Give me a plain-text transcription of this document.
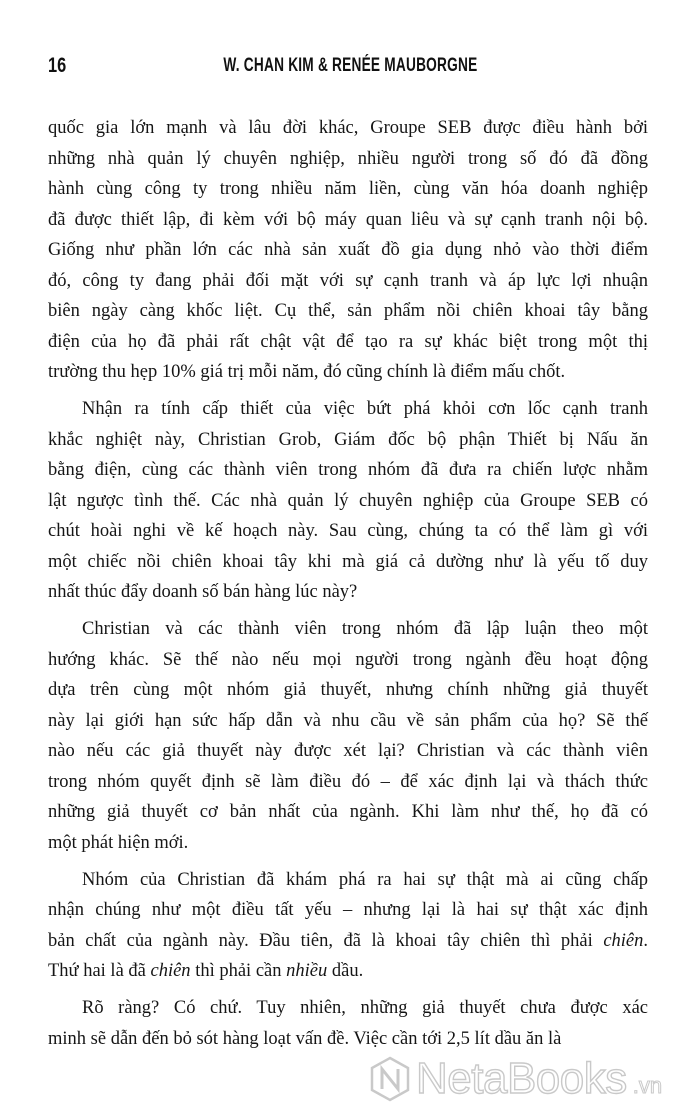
16	W. CHAN KIM & RENÉE MAUBORGNE
quốc gia lớn mạnh và lâu đời khác, Groupe SEB được điều hành bởi
những nhà quản lý chuyên nghiệp, nhiều người trong số đó đã đồng
hành cùng công ty trong nhiều năm liền, cùng văn hóa doanh nghiệp
đã được thiết lập, đi kèm với bộ máy quan liêu và sự cạnh tranh nội bộ.
Giống như phần lớn các nhà sản xuất đồ gia dụng nhỏ vào thời điểm
đó, công ty đang phải đối mặt với sự cạnh tranh và áp lực lợi nhuận
biên ngày càng khốc liệt. Cụ thể, sản phẩm nồi chiên khoai tây bằng
điện của họ đã phải rất chật vật để tạo ra sự khác biệt trong một thị
trường thu hẹp 10% giá trị mỗi năm, đó cũng chính là điểm mấu chốt.
Nhận ra tính cấp thiết của việc bứt phá khỏi cơn lốc cạnh tranh
khắc nghiệt này, Christian Grob, Giám đốc bộ phận Thiết bị Nấu ăn
bằng điện, cùng các thành viên trong nhóm đã đưa ra chiến lược nhằm
lật ngược tình thế. Các nhà quản lý chuyên nghiệp của Groupe SEB có
chút hoài nghi về kế hoạch này. Sau cùng, chúng ta có thể làm gì với
một chiếc nồi chiên khoai tây khi mà giá cả dường như là yếu tố duy
nhất thúc đẩy doanh số bán hàng lúc này?
Christian và các thành viên trong nhóm đã lập luận theo một
hướng khác. Sẽ thế nào nếu mọi người trong ngành đều hoạt động
dựa trên cùng một nhóm giả thuyết, nhưng chính những giả thuyết
này lại giới hạn sức hấp dẫn và nhu cầu về sản phẩm của họ? Sẽ thế
nào nếu các giả thuyết này được xét lại? Christian và các thành viên
trong nhóm quyết định sẽ làm điều đó – để xác định lại và thách thức
những giả thuyết cơ bản nhất của ngành. Khi làm như thế, họ đã có
một phát hiện mới.
Nhóm của Christian đã khám phá ra hai sự thật mà ai cũng chấp
nhận chúng như một điều tất yếu – nhưng lại là hai sự thật xác định
bản chất của ngành này. Đầu tiên, đã là khoai tây chiên thì phải chiên.
Thứ hai là đã chiên thì phải cần nhiều dầu.
Rõ ràng? Có chứ. Tuy nhiên, những giả thuyết chưa được xác
minh sẽ dẫn đến bỏ sót hàng loạt vấn đề. Việc cần tới 2,5 lít dầu ăn là
NetaBooks .vn
